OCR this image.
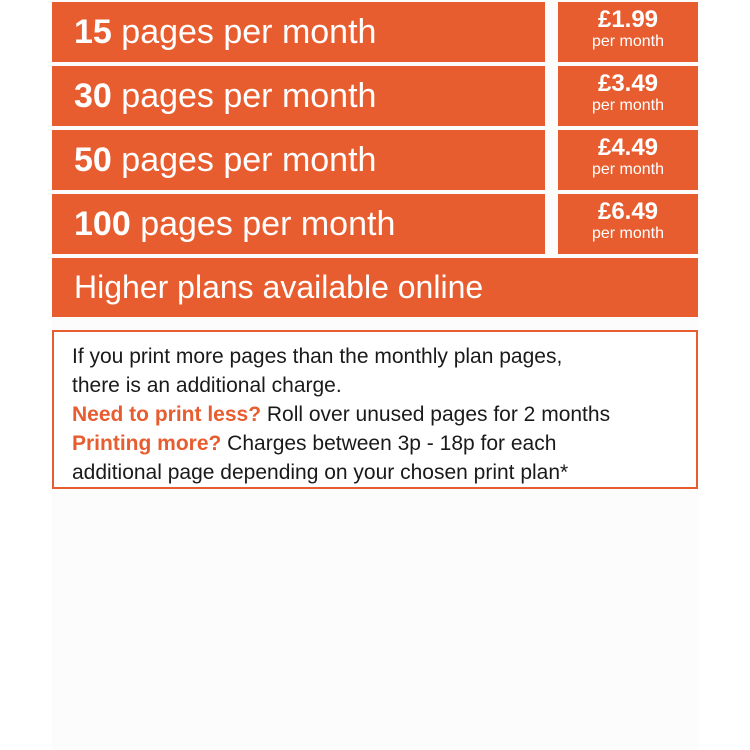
15 pages per month	£1.99
per month
30 pages per month	£3.49
per month
50 pages per month	£4.49
per month
100 pages per month	£6.49
per month
Higher plans available online
If you print more pages than the monthly plan pages,
there is an additional charge.
Need to print less? Roll over unused pages for 2 months
Printing more? Charges between 3p - 18p for each
additional page depending on your chosen print plan*
